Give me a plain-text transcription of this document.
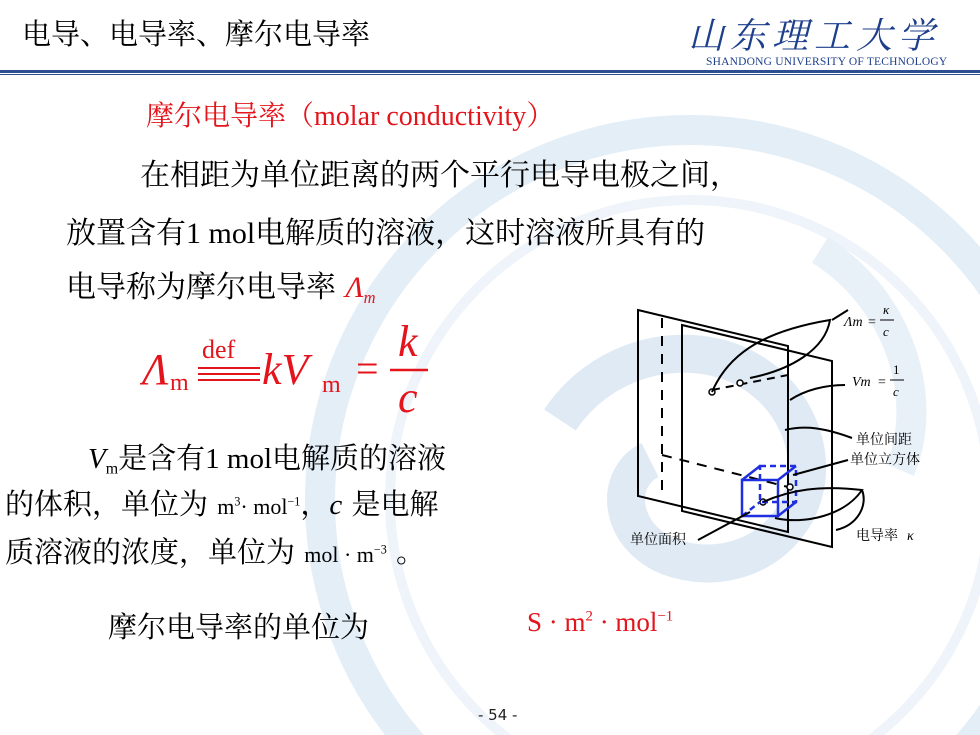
电导、电导率、摩尔电导率	山东理工大学
SHANDONG UNIVERSITY OF TECHNOLOGY
摩尔电导率（molar conductivity）
在相距为单位距离的两个平行电导电极之间，
放置含有1 mol电解质的溶液，这时溶液所具有的
电导称为摩尔电导率 $\Lambda_m$
Λ m
def kV m =
k
c
$V_m$是含有1 mol电解质的溶液
的体积，单位为 $m^3\cdot mol^{-1}$，c 是电解
质溶液的浓度，单位为 mol · $m^{-3}$ 。
摩尔电导率的单位为	$S \cdot m^2 \cdot mol^{-1}$
Λm =
κ
c
Vm =
1
c
单位间距
单位立方体
单位面积	电导率 κ
- 54 -
